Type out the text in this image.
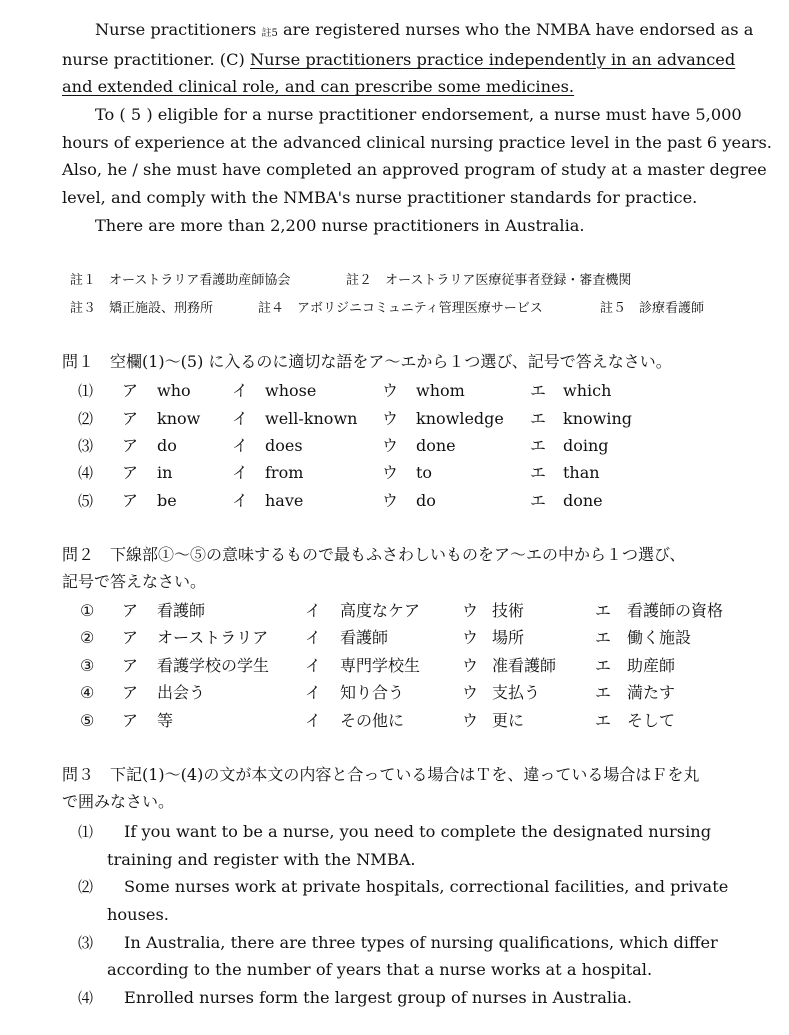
Nurse practitioners 註5 are registered nurses who the NMBA have endorsed as a
nurse practitioner. (C) Nurse practitioners practice independently in an advanced
and extended clinical role, and can prescribe some medicines.
To ( 5 ) eligible for a nurse practitioner endorsement, a nurse must have 5,000
hours of experience at the advanced clinical nursing practice level in the past 6 years.
Also, he / she must have completed an approved program of study at a master degree
level, and comply with the NMBA's nurse practitioner standards for practice.
There are more than 2,200 nurse practitioners in Australia.
註１　オーストラリア看護助産師協会	註２　オーストラリア医療従事者登録・審査機関
註３　矯正施設、刑務所	註４　アボリジニコミュニティ管理医療サービス	註５　診療看護師
問１　空欄(1)～(5) に入るのに適切な語をア～エから１つ選び、記号で答えなさい。
⑴ ア who	イ whose	ウ whom	エ which
⑵ ア know イ well-known ウ knowledge エ knowing
⑶ ア do	イ does	ウ done	エ doing
⑷ ア in	イ from	ウ to	エ than
⑸ ア be	イ have	ウ do	エ done
問２　下線部①～⑤の意味するもので最もふさわしいものをア～エの中から１つ選び、
記号で答えなさい。
① ア 看護師	イ 高度なケア	ウ 技術	エ 看護師の資格
② ア オーストラリア イ 看護師	ウ 場所	エ 働く施設
③ ア 看護学校の学生 イ 専門学校生	ウ 准看護師 エ 助産師
④ ア 出会う	イ 知り合う	ウ 支払う	エ 満たす
⑤ ア 等	イ その他に	ウ 更に	エ そして
問３　下記(1)～(4)の文が本文の内容と合っている場合はＴを、違っている場合はＦを丸
で囲みなさい。
⑴ If you want to be a nurse, you need to complete the designated nursing
training and register with the NMBA.
⑵ Some nurses work at private hospitals, correctional facilities, and private
houses.
⑶ In Australia, there are three types of nursing qualifications, which differ
according to the number of years that a nurse works at a hospital.
⑷ Enrolled nurses form the largest group of nurses in Australia.
